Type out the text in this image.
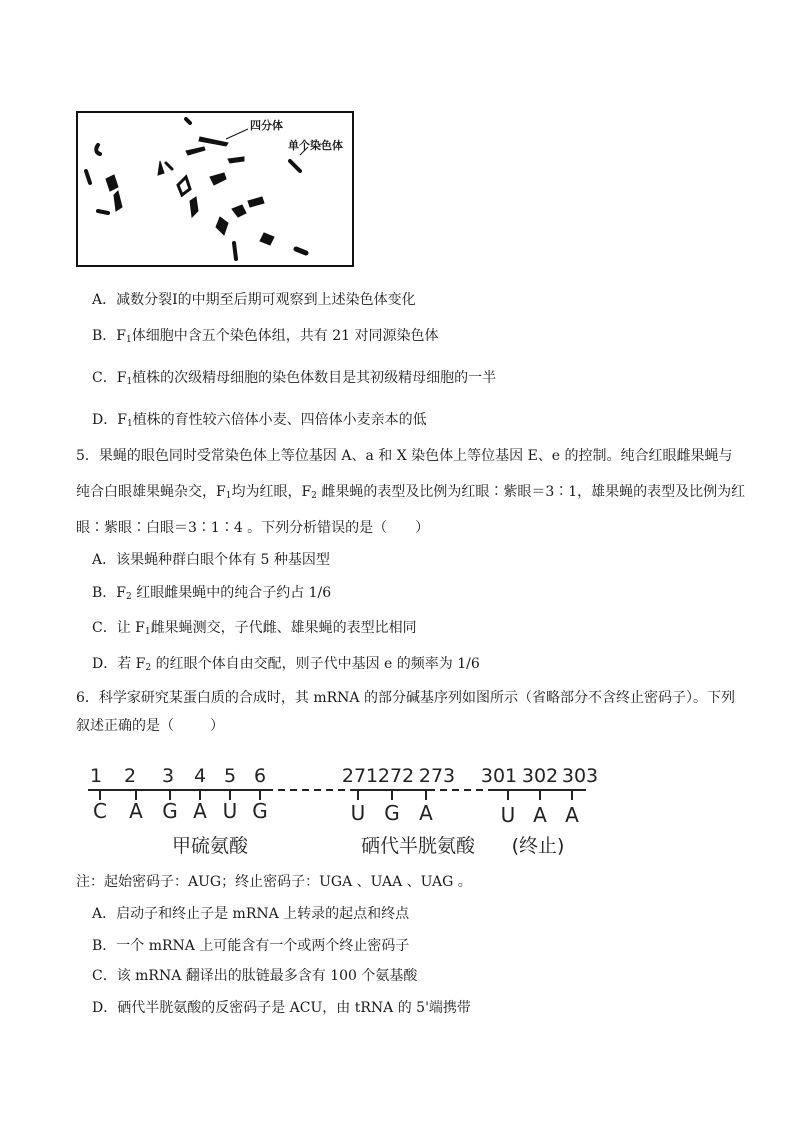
四分体
单个染色体
A．减数分裂Ⅰ的中期至后期可观察到上述染色体变化
B．$F_1$体细胞中含五个染色体组，共有 21 对同源染色体
C．$F_1$植株的次级精母细胞的染色体数目是其初级精母细胞的一半
D．$F_1$植株的育性较六倍体小麦、四倍体小麦亲本的低
5．果蝇的眼色同时受常染色体上等位基因 A、a 和 X 染色体上等位基因 E、e 的控制。纯合红眼雌果蝇与
纯合白眼雄果蝇杂交，$F_1$均为红眼，$F_2$ 雌果蝇的表型及比例为红眼∶紫眼＝3∶1，雄果蝇的表型及比例为红
眼∶紫眼∶白眼＝3∶1∶4 。下列分析错误的是（　　）
A．该果蝇种群白眼个体有 5 种基因型
B．$F_2$ 红眼雌果蝇中的纯合子约占 1/6
C．让 $F_1$雌果蝇测交，子代雌、雄果蝇的表型比相同
D．若 $F_2$ 的红眼个体自由交配，则子代中基因 e 的频率为 1/6
6．科学家研究某蛋白质的合成时，其 mRNA 的部分碱基序列如图所示（省略部分不含终止密码子）。下列
叙述正确的是（	）
1 2 3 4 5 6	271 272 273 301 302 303
C A G A U G	U G A	U A A
甲硫氨酸	硒代半胱氨酸 (终止)
注：起始密码子：AUG；终止密码子：UGA 、UAA 、UAG 。
A．启动子和终止子是 mRNA 上转录的起点和终点
B．一个 mRNA 上可能含有一个或两个终止密码子
C．该 mRNA 翻译出的肽链最多含有 100 个氨基酸
D．硒代半胱氨酸的反密码子是 ACU，由 tRNA 的 5'端携带
